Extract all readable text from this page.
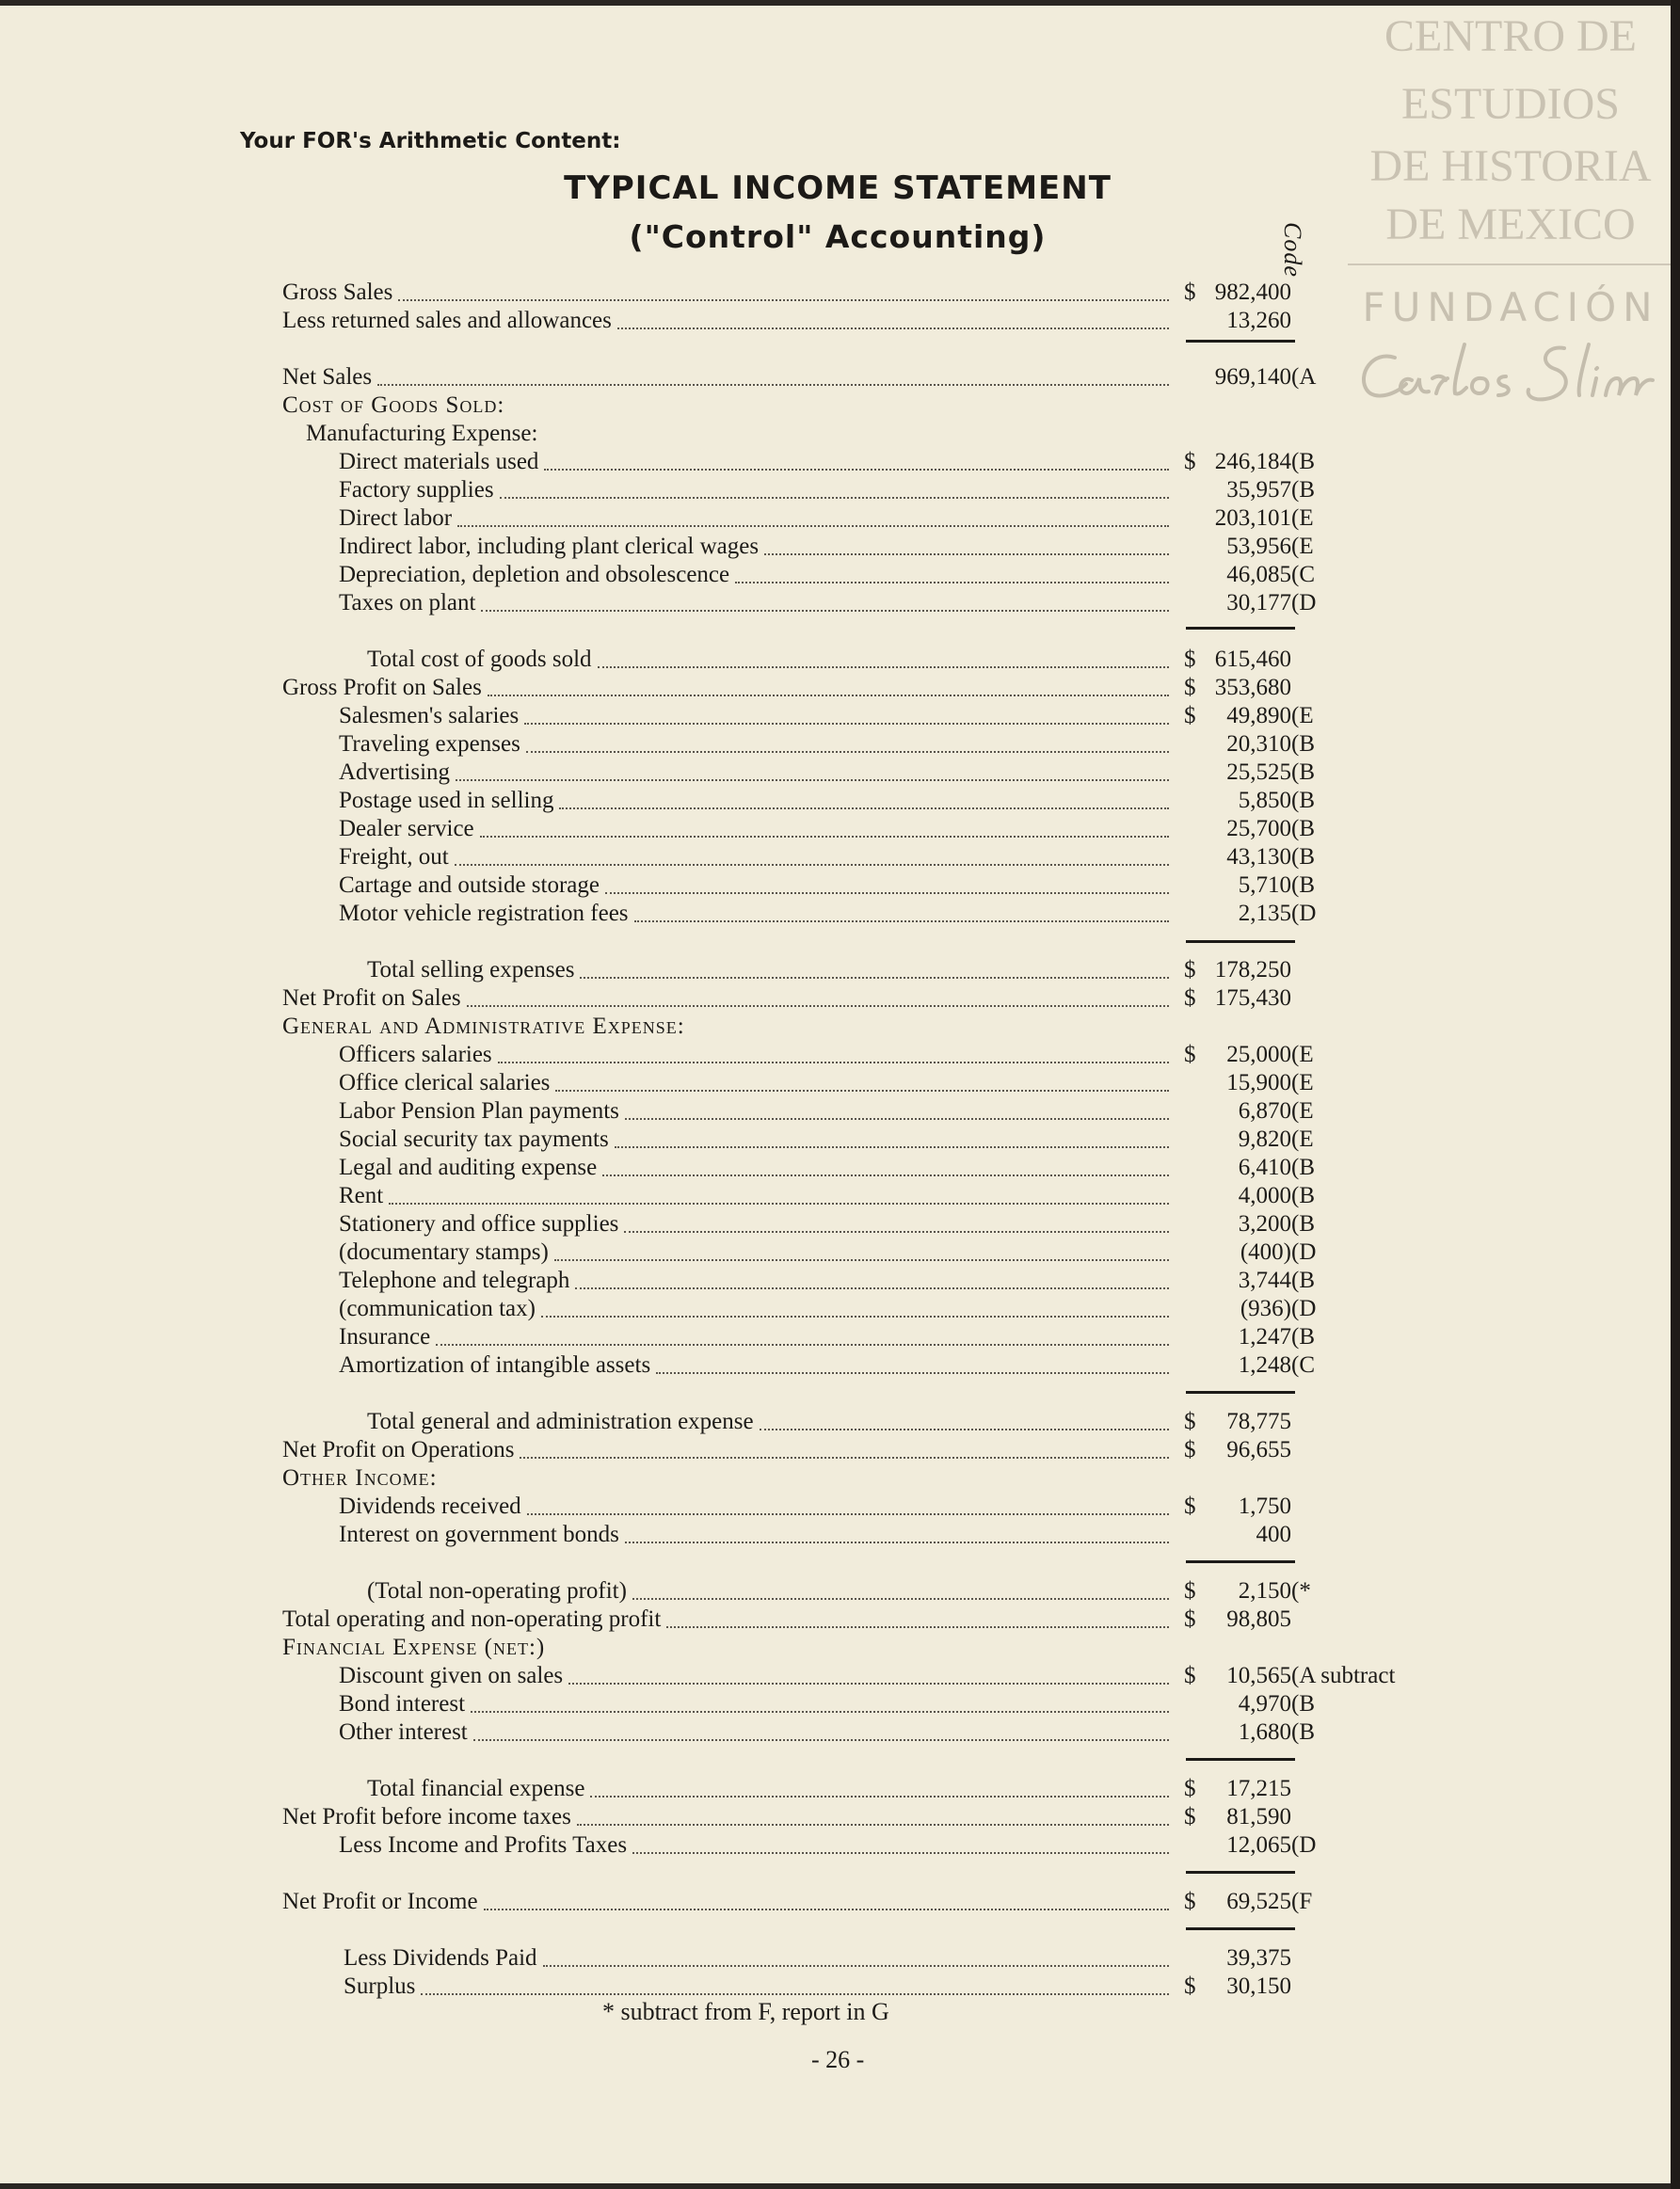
Your FOR's Arithmetic Content:
TYPICAL INCOME STATEMENT
("Control" Accounting)	Code
CENTRO DE
ESTUDIOS
DE HISTORIA
DE MEXICO
FUNDACIÓN
Gross Sales	$ 982,400
Less returned sales and allowances	13,260
Net Sales	969,140 (A
Cost of Goods Sold:
Manufacturing Expense:
Direct materials used	$ 246,184 (B
Factory supplies	35,957 (B
Direct labor	203,101 (E
Indirect labor, including plant clerical wages	53,956 (E
Depreciation, depletion and obsolescence	46,085 (C
Taxes on plant	30,177 (D
Total cost of goods sold	$ 615,460
Gross Profit on Sales	$ 353,680
Salesmen's salaries	$	49,890 (E
Traveling expenses	20,310 (B
Advertising	25,525 (B
Postage used in selling	5,850 (B
Dealer service	25,700 (B
Freight, out	43,130 (B
Cartage and outside storage	5,710 (B
Motor vehicle registration fees	2,135 (D
Total selling expenses	$ 178,250
Net Profit on Sales	$ 175,430
General and Administrative Expense:
Officers salaries	$	25,000 (E
Office clerical salaries	15,900 (E
Labor Pension Plan payments	6,870 (E
Social security tax payments	9,820 (E
Legal and auditing expense	6,410 (B
Rent	4,000 (B
Stationery and office supplies	3,200 (B
(documentary stamps)	(400) (D
Telephone and telegraph	3,744 (B
(communication tax)	(936) (D
Insurance	1,247 (B
Amortization of intangible assets	1,248 (C
Total general and administration expense	$	78,775
Net Profit on Operations	$	96,655
Other Income:
Dividends received	$	1,750
Interest on government bonds	400
(Total non-operating profit)	$	2,150 (*
Total operating and non-operating profit	$	98,805
Financial Expense (net:)
Discount given on sales	$	10,565 (A subtract
Bond interest	4,970 (B
Other interest	1,680 (B
Total financial expense	$	17,215
Net Profit before income taxes	$	81,590
Less Income and Profits Taxes	12,065 (D
Net Profit or Income	$	69,525 (F
Less Dividends Paid	39,375
Surplus	$	30,150
* subtract from F, report in G
- 26 -
